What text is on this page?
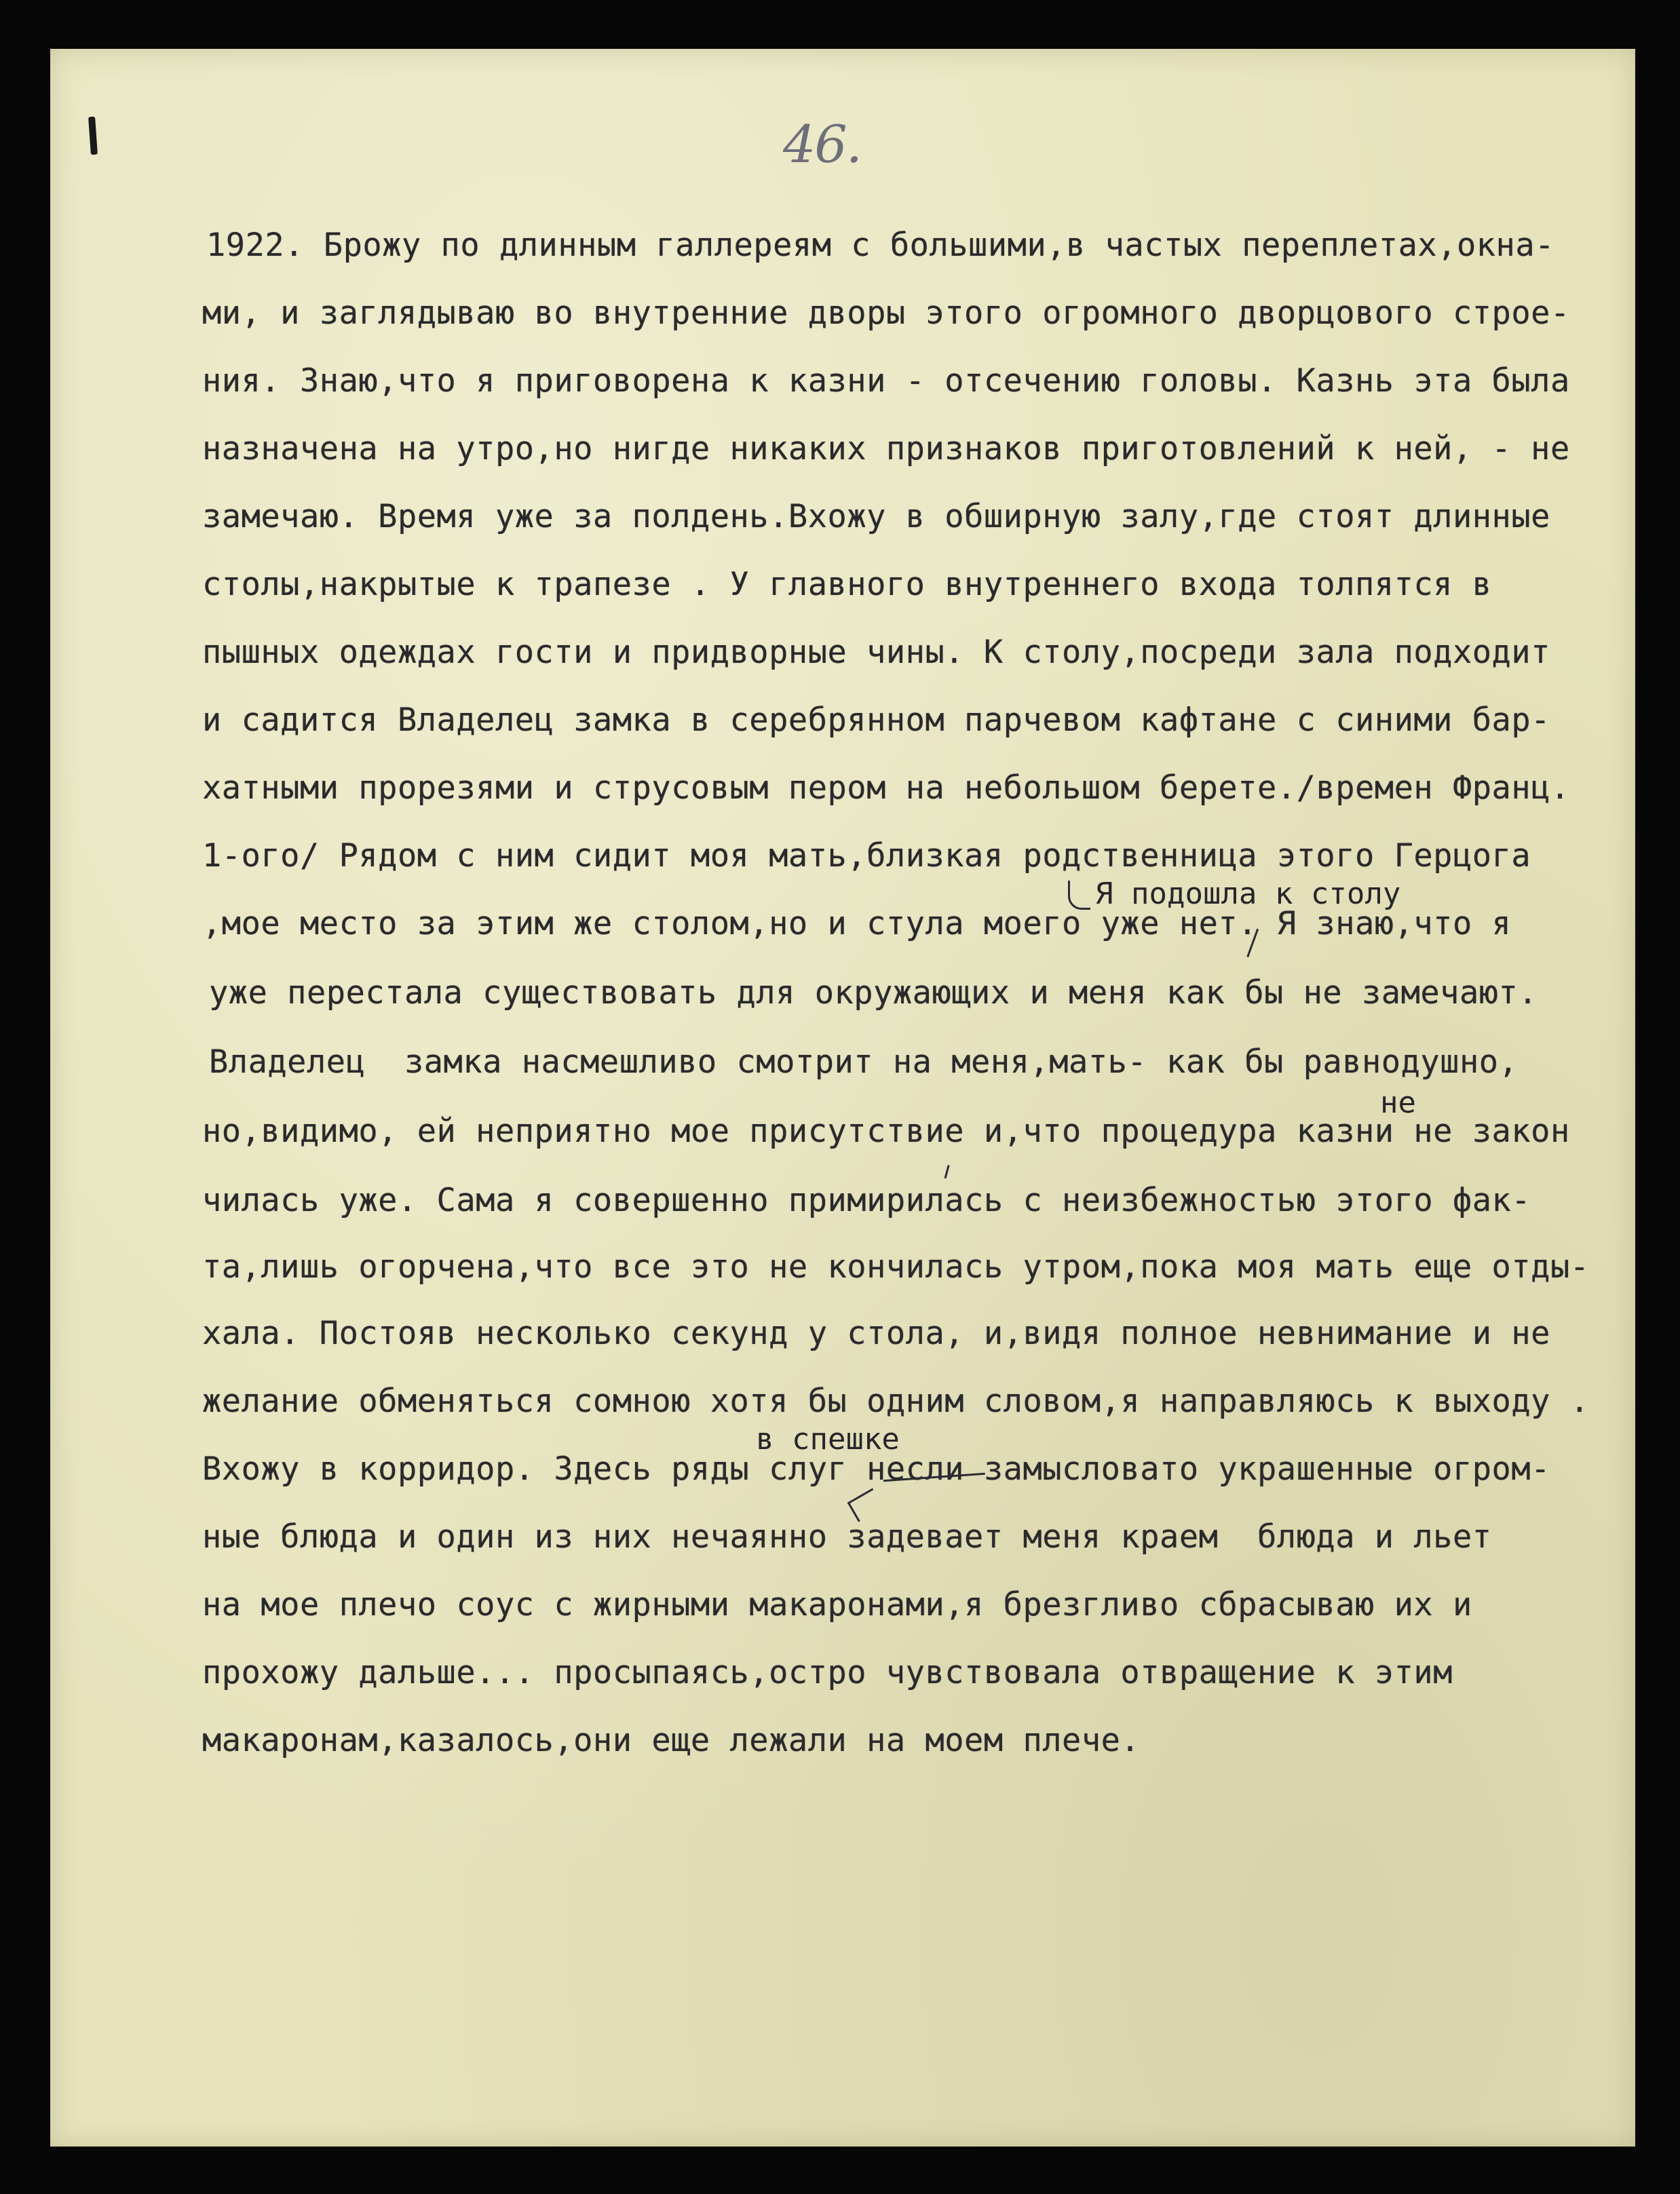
46.
1922. Брожу по длинным галлереям с большими,в частых переплетах,окна-
ми, и заглядываю во внутренние дворы этого огромного дворцового строе-
ния. Знаю,что я приговорена к казни - отсечению головы. Казнь эта была
назначена на утро,но нигде никаких признаков приготовлений к ней, - не
замечаю. Время уже за полдень.Вхожу в обширную залу,где стоят длинные
столы,накрытые к трапезе . У главного внутреннего входа толпятся в
пышных одеждах гости и придворные чины. К столу,посреди зала подходит
и садится Владелец замка в серебрянном парчевом кафтане с синими бар-
хатными прорезями и струсовым пером на небольшом берете./времен Франц.
1-ого/ Рядом с ним сидит моя мать,близкая родственница этого Герцога
,мое место за этим же столом,но и стула моего уже нет. Я знаю,что я
уже перестала существовать для окружающих и меня как бы не замечают.
Владелец  замка насмешливо смотрит на меня,мать- как бы равнодушно,
но,видимо, ей неприятно мое присутствие и,что процедура казни не закон
чилась уже. Сама я совершенно примирилась с неизбежностью этого фак-
та,лишь огорчена,что все это не кончилась утром,пока моя мать еще отды-
хала. Постояв несколько секунд у стола, и,видя полное невнимание и не
желание обменяться сомною хотя бы одним словом,я направляюсь к выходу .
Вхожу в корридор. Здесь ряды слуг несли замысловато украшенные огром-
ные блюда и один из них нечаянно задевает меня краем  блюда и льет
на мое плечо соус с жирными макаронами,я брезгливо сбрасываю их и
прохожу дальше... просыпаясь,остро чувствовала отвращение к этим
макаронам,казалось,они еще лежали на моем плече.
Я подошла к столу
не
в спешке
